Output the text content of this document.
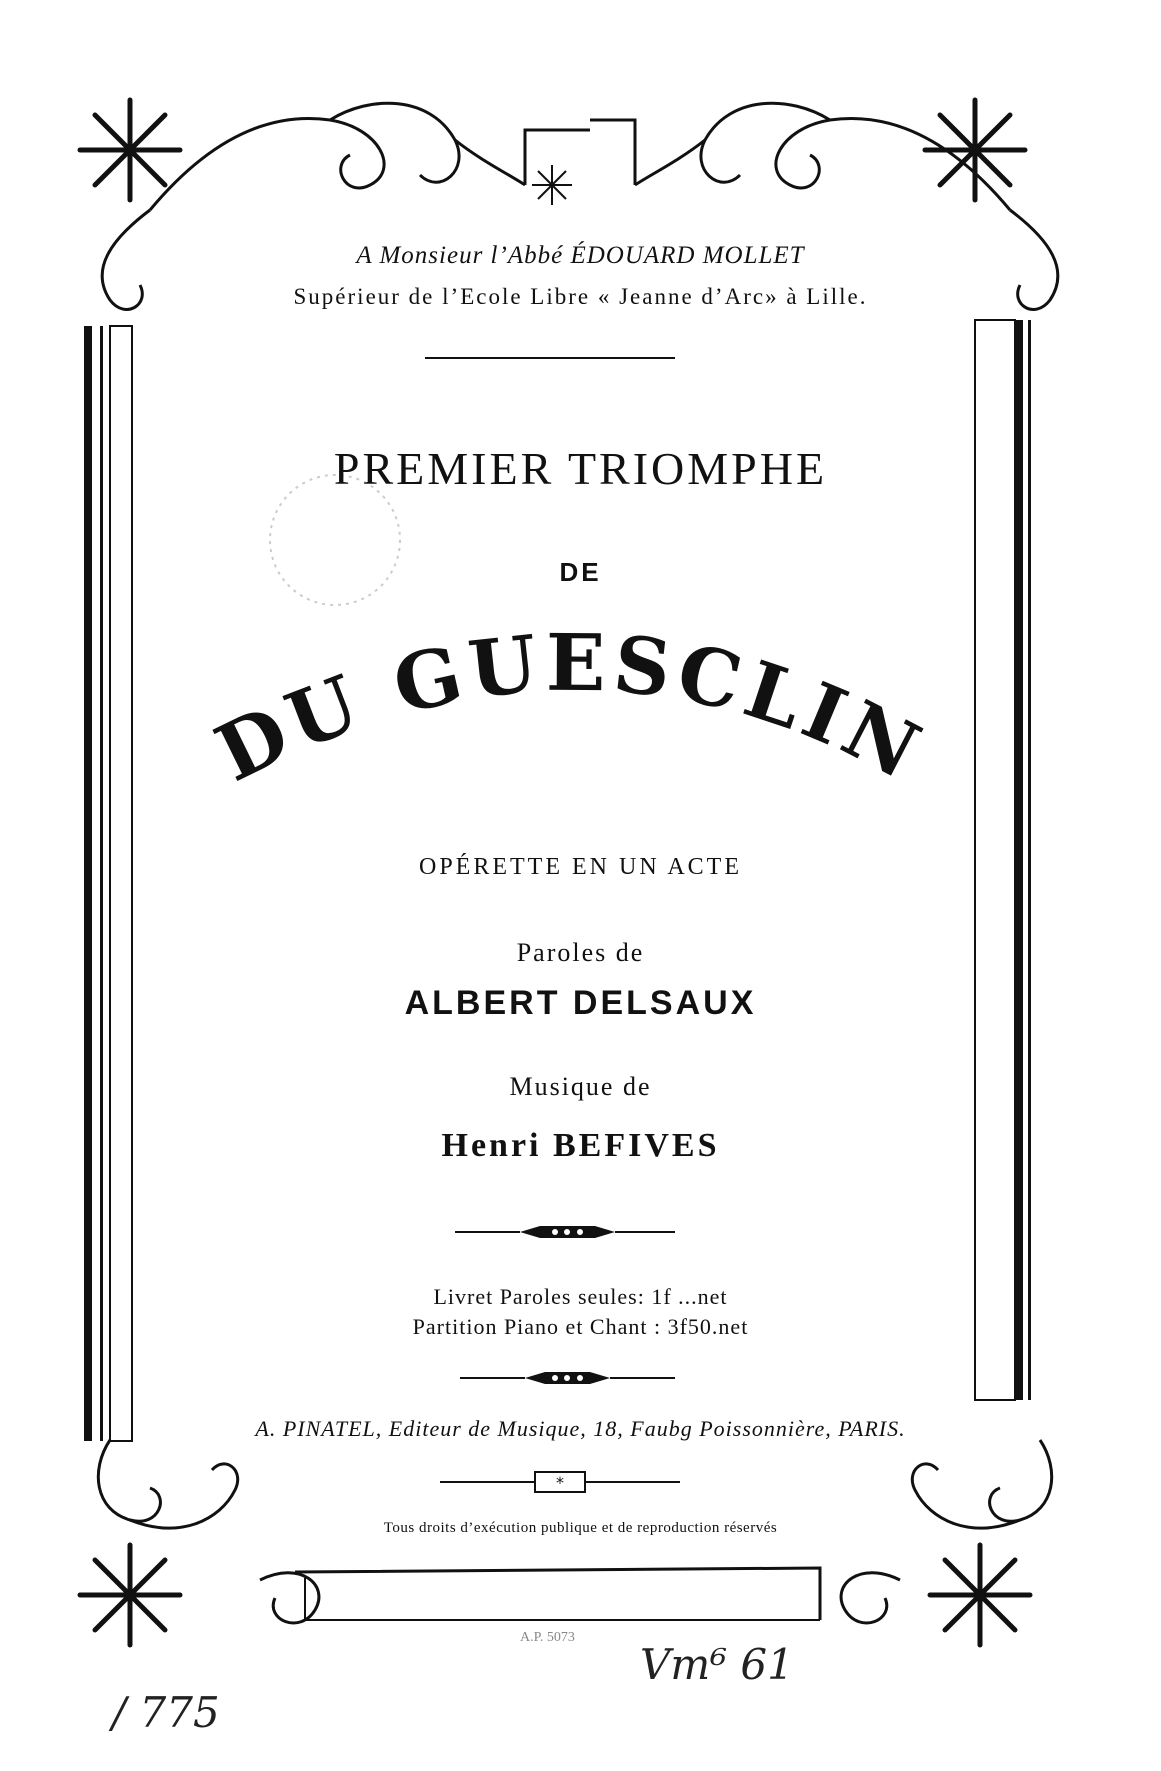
*
A Monsieur l’Abbé ÉDOUARD MOLLET
Supérieur de l’Ecole Libre « Jeanne d’Arc» à Lille.
PREMIER TRIOMPHE
DE
DU GUESCLIN
OPÉRETTE EN UN ACTE
Paroles de
ALBERT DELSAUX
Musique de
Henri BEFIVES
Livret Paroles seules: 1f ...net
Partition Piano et Chant : 3f50.net
A. PINATEL, Editeur de Musique, 18, Faubg Poissonnière, PARIS.
Tous droits d’exécution publique et de reproduction réservés
A.P. 5073
/ 775
Vm⁶ 61
